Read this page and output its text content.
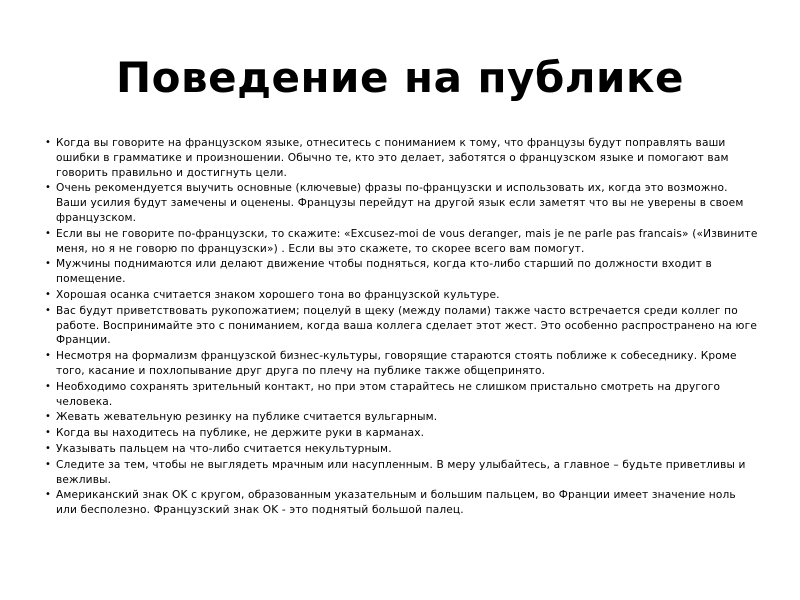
Поведение на публике
• Когда вы говорите на французском языке, отнеситесь с пониманием к тому, что французы будут поправлять ваши ошибки в грамматике и произношении. Обычно те, кто это делает, заботятся о французском языке и помогают вам говорить правильно и достигнуть цели.
• Очень рекомендуется выучить основные (ключевые) фразы по-французски и использовать их, когда это возможно. Ваши усилия будут замечены и оценены. Французы перейдут на другой язык если заметят что вы не уверены в своем французском.
• Если вы не говорите по-французски, то скажите: «Excusez-moi de vous deranger, mais je ne parle pas francais» («Извините меня, но я не говорю по французски») . Если вы это скажете, то скорее всего вам помогут.
• Мужчины поднимаются или делают движение чтобы подняться, когда кто-либо старший по должности входит в помещение.
• Хорошая осанка считается знаком хорошего тона во французской культуре.
• Вас будут приветствовать рукопожатием; поцелуй в щеку (между полами) также часто встречается среди коллег по работе. Воспринимайте это с пониманием, когда ваша коллега сделает этот жест. Это особенно распространено на юге Франции.
• Несмотря на формализм французской бизнес-культуры, говорящие стараются стоять поближе к собеседнику. Кроме того, касание и похлопывание друг друга по плечу на публике также общепринято.
• Необходимо сохранять зрительный контакт, но при этом старайтесь не слишком пристально смотреть на другого человека.
• Жевать жевательную резинку на публике считается вульгарным.
• Когда вы находитесь на публике, не держите руки в карманах.
• Указывать пальцем на что-либо считается некультурным.
• Следите за тем, чтобы не выглядеть мрачным или насупленным. В меру улыбайтесь, а главное – будьте приветливы и вежливы.
• Американский знак OK с кругом, образованным указательным и большим пальцем, во Франции имеет значение ноль или бесполезно. Французский знак OK - это поднятый большой палец.
